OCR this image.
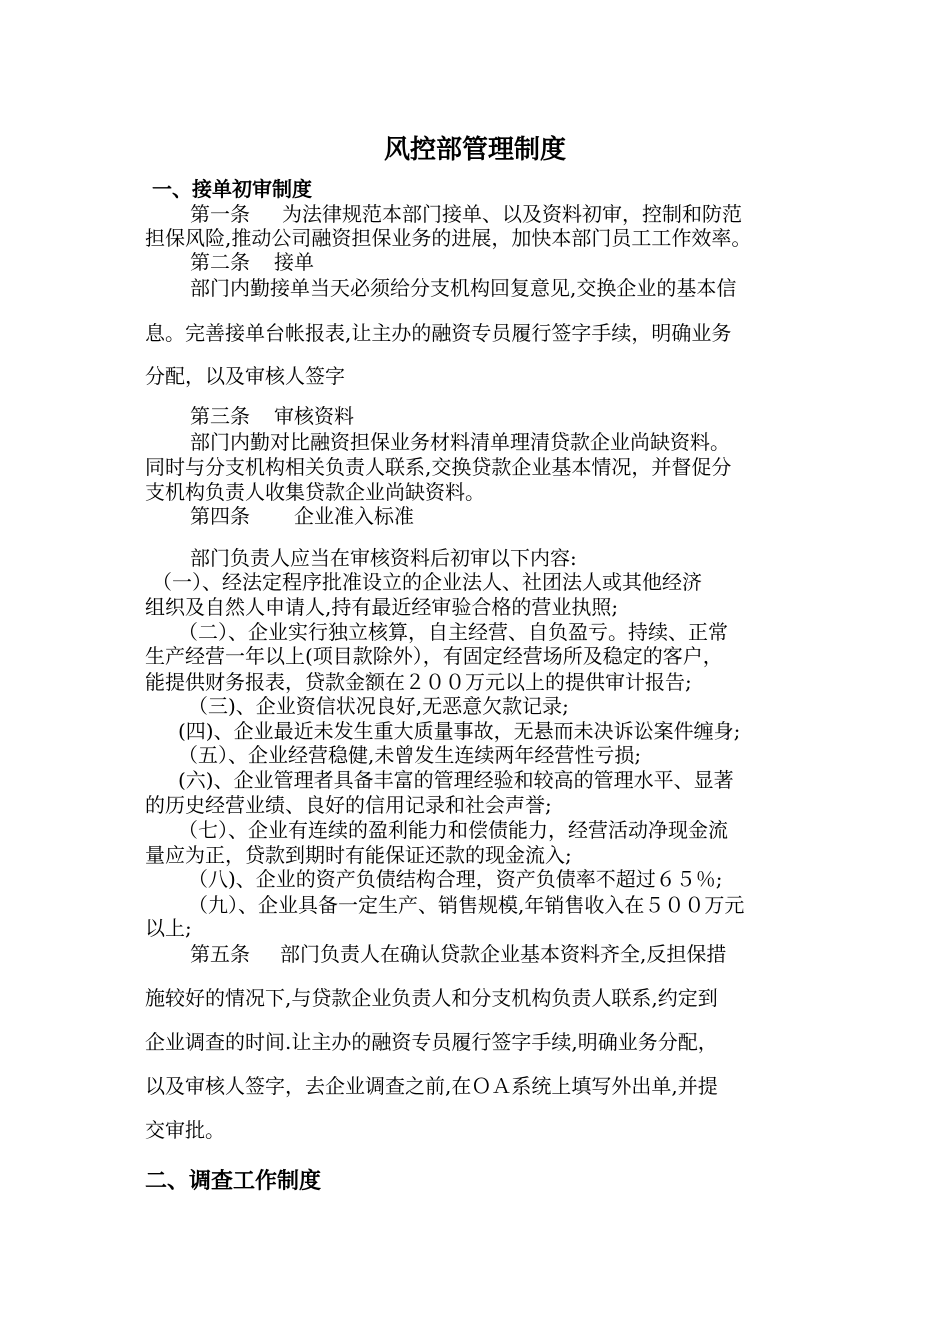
风控部管理制度
一、接单初审制度
第一条 为法律规范本部门接单、以及资料初审，控制和防范
担保风险,推动公司融资担保业务的进展，加快本部门员工工作效率。
第二条 接单
部门内勤接单当天必须给分支机构回复意见,交换企业的基本信
息。完善接单台帐报表,让主办的融资专员履行签字手续，明确业务
分配，以及审核人签字
第三条 审核资料
部门内勤对比融资担保业务材料清单理清贷款企业尚缺资料。
同时与分支机构相关负责人联系,交换贷款企业基本情况，并督促分
支机构负责人收集贷款企业尚缺资料。
第四条 企业准入标准
部门负责人应当在审核资料后初审以下内容:
（一）、经法定程序批准设立的企业法人、社团法人或其他经济
组织及自然人申请人,持有最近经审验合格的营业执照;
（二）、企业实行独立核算，自主经营、自负盈亏。持续、正常
生产经营一年以上(项目款除外），有固定经营场所及稳定的客户，
能提供财务报表，贷款金额在２００万元以上的提供审计报告;
（三)、企业资信状况良好,无恶意欠款记录;
(四)、企业最近未发生重大质量事故，无悬而未决诉讼案件缠身;
（五）、企业经营稳健,未曾发生连续两年经营性亏损;
(六)、企业管理者具备丰富的管理经验和较高的管理水平、显著
的历史经营业绩、良好的信用记录和社会声誉;
（七）、企业有连续的盈利能力和偿债能力，经营活动净现金流
量应为正，贷款到期时有能保证还款的现金流入;
（八)、企业的资产负债结构合理，资产负债率不超过６５％;
（九）、企业具备一定生产、销售规模,年销售收入在５００万元
以上;
第五条 部门负责人在确认贷款企业基本资料齐全,反担保措
施较好的情况下,与贷款企业负责人和分支机构负责人联系,约定到
企业调查的时间.让主办的融资专员履行签字手续,明确业务分配，
以及审核人签字，去企业调查之前,在ＯＡ系统上填写外出单,并提
交审批。
二、调查工作制度
